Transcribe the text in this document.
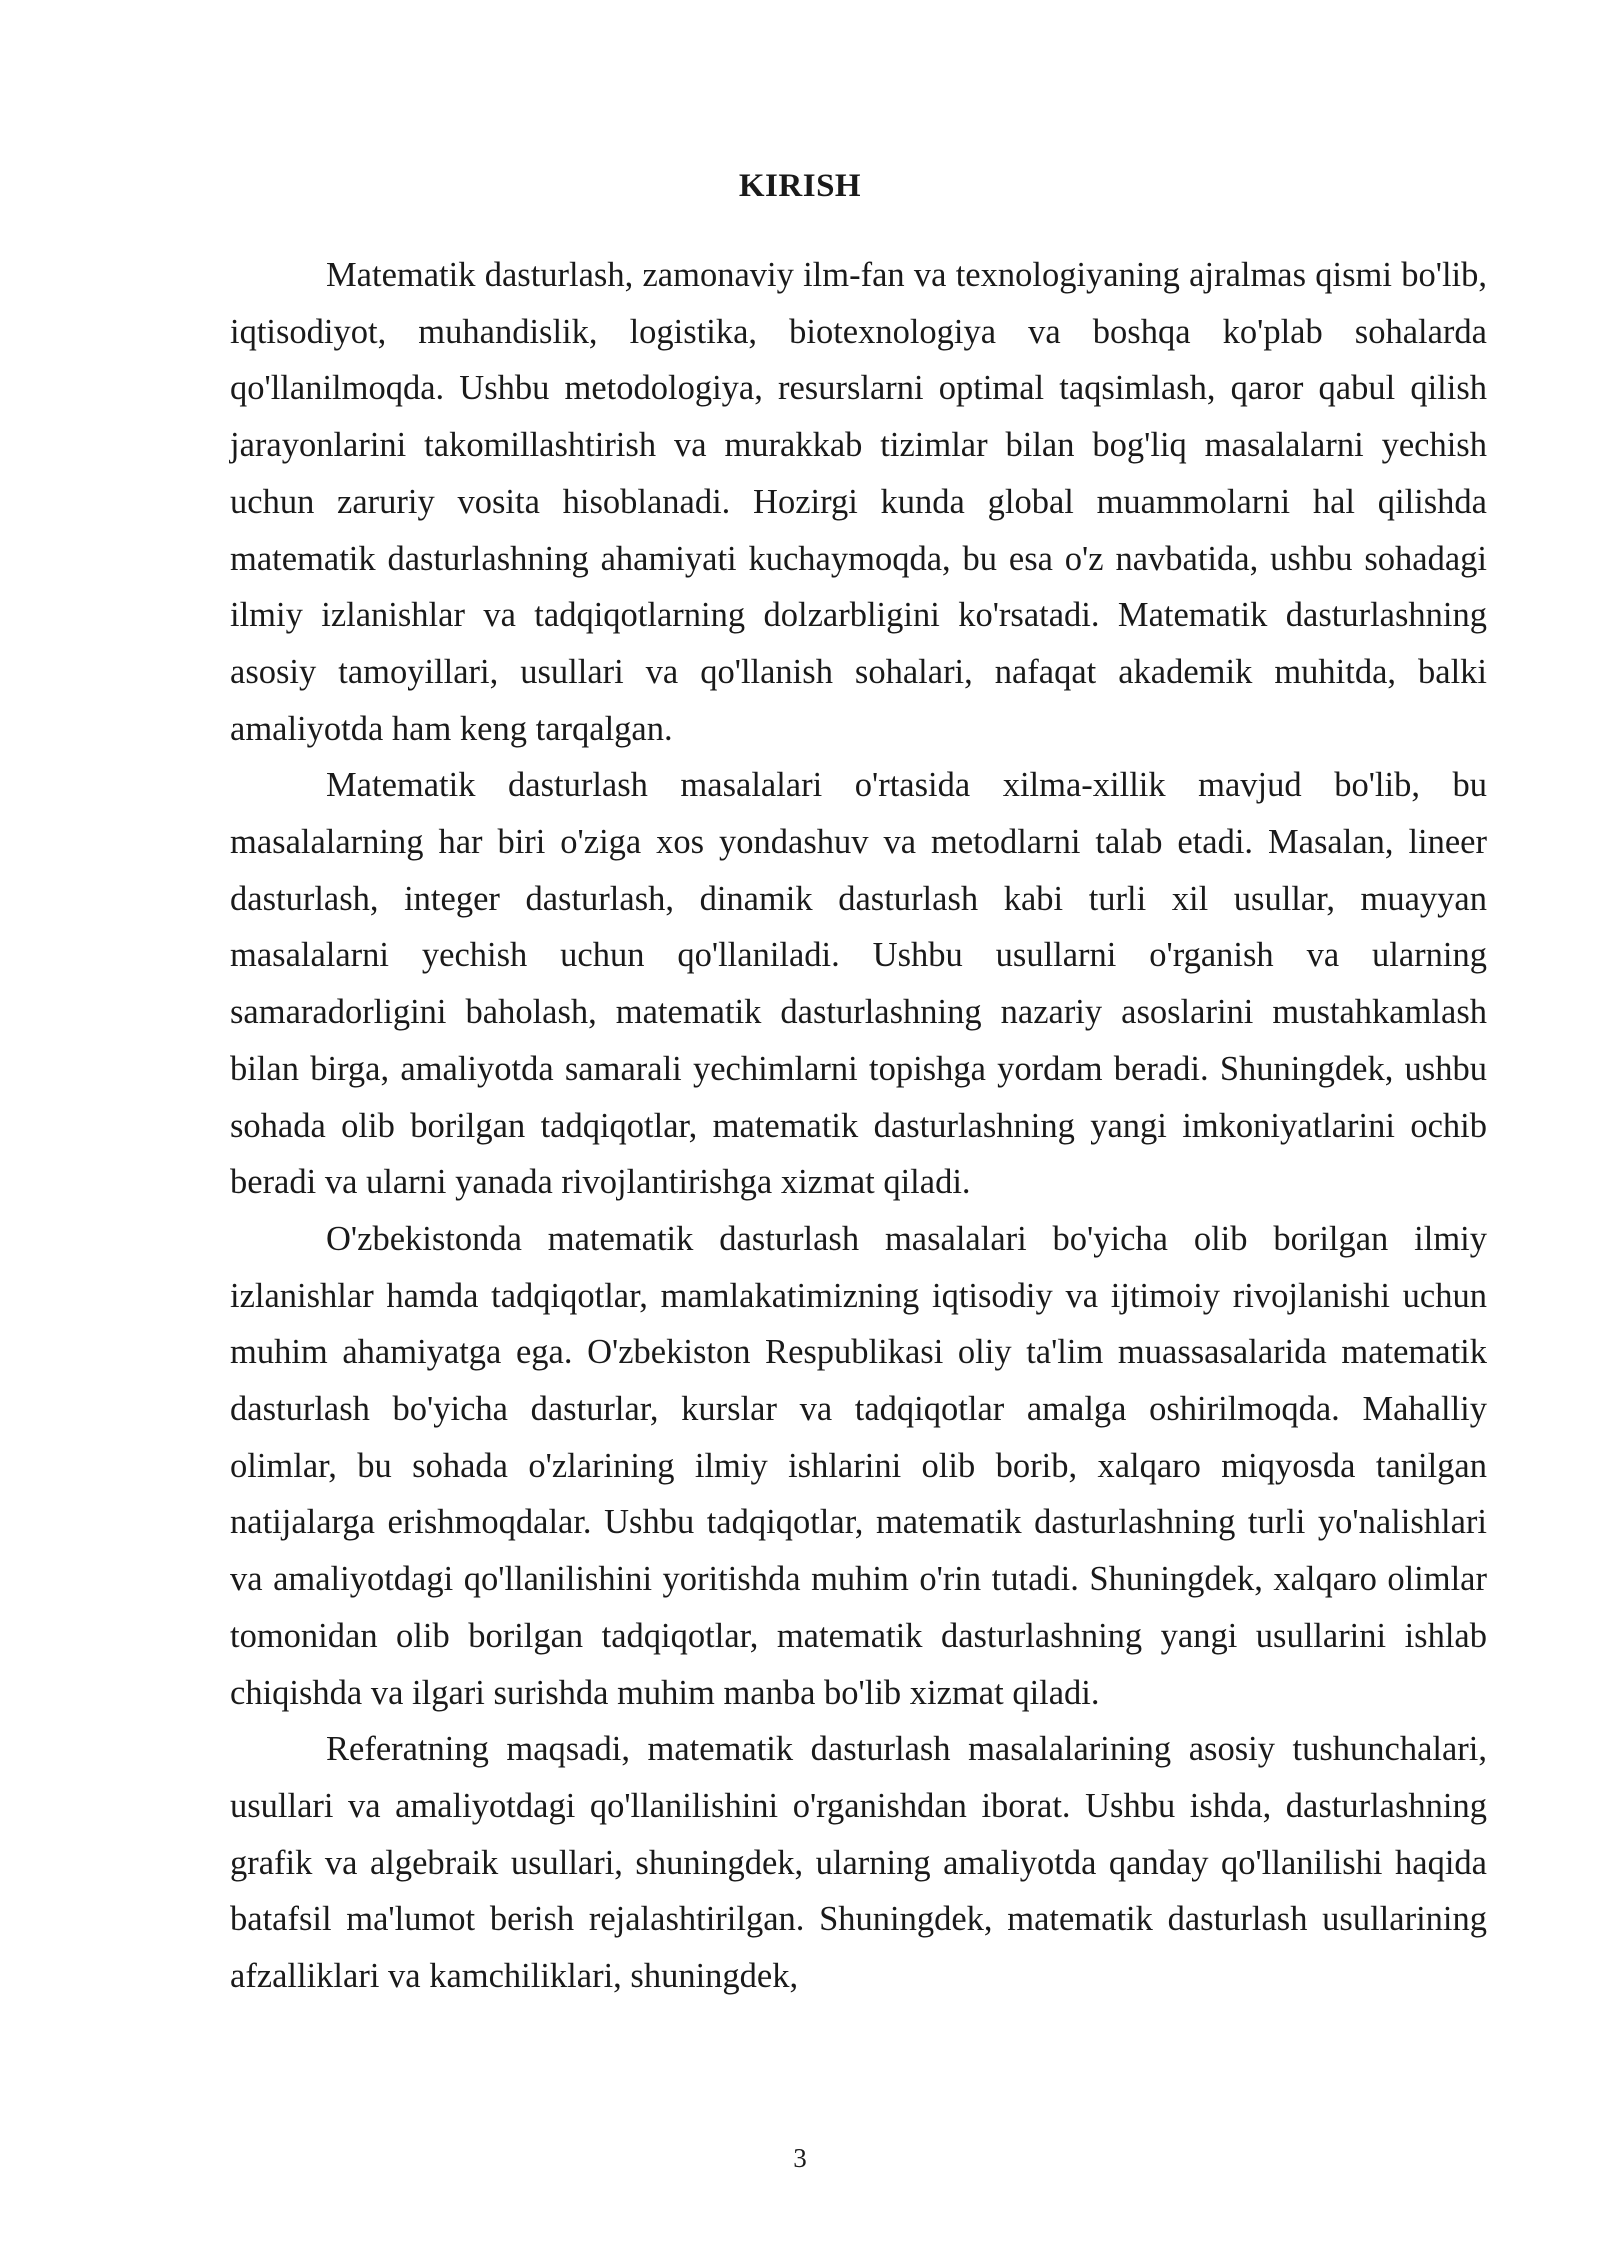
KIRISH

Matematik dasturlash, zamonaviy ilm-fan va texnologiyaning ajralmas qismi bo'lib, iqtisodiyot, muhandislik, logistika, biotexnologiya va boshqa ko'plab sohalarda qo'llanilmoqda. Ushbu metodologiya, resurslarni optimal taqsimlash, qaror qabul qilish jarayonlarini takomillashtirish va murakkab tizimlar bilan bog'liq masalalarni yechish uchun zaruriy vosita hisoblanadi. Hozirgi kunda global muammolarni hal qilishda matematik dasturlashning ahamiyati kuchaymoqda, bu esa o'z navbatida, ushbu sohadagi ilmiy izlanishlar va tadqiqotlarning dolzarbligini ko'rsatadi. Matematik dasturlashning asosiy tamoyillari, usullari va qo'llanish sohalari, nafaqat akademik muhitda, balki amaliyotda ham keng tarqalgan.

Matematik dasturlash masalalari o'rtasida xilma-xillik mavjud bo'lib, bu masalalarning har biri o'ziga xos yondashuv va metodlarni talab etadi. Masalan, lineer dasturlash, integer dasturlash, dinamik dasturlash kabi turli xil usullar, muayyan masalalarni yechish uchun qo'llaniladi. Ushbu usullarni o'rganish va ularning samaradorligini baholash, matematik dasturlashning nazariy asoslarini mustahkamlash bilan birga, amaliyotda samarali yechimlarni topishga yordam beradi. Shuningdek, ushbu sohada olib borilgan tadqiqotlar, matematik dasturlashning yangi imkoniyatlarini ochib beradi va ularni yanada rivojlantirishga xizmat qiladi.

O'zbekistonda matematik dasturlash masalalari bo'yicha olib borilgan ilmiy izlanishlar hamda tadqiqotlar, mamlakatimizning iqtisodiy va ijtimoiy rivojlanishi uchun muhim ahamiyatga ega. O'zbekiston Respublikasi oliy ta'lim muassasalarida matematik dasturlash bo'yicha dasturlar, kurslar va tadqiqotlar amalga oshirilmoqda. Mahalliy olimlar, bu sohada o'zlarining ilmiy ishlarini olib borib, xalqaro miqyosda tanilgan natijalarga erishmoqdalar. Ushbu tadqiqotlar, matematik dasturlashning turli yo'nalishlari va amaliyotdagi qo'llanilishini yoritishda muhim o'rin tutadi. Shuningdek, xalqaro olimlar tomonidan olib borilgan tadqiqotlar, matematik dasturlashning yangi usullarini ishlab chiqishda va ilgari surishda muhim manba bo'lib xizmat qiladi.

Referatning maqsadi, matematik dasturlash masalalarining asosiy tushunchalari, usullari va amaliyotdagi qo'llanilishini o'rganishdan iborat. Ushbu ishda, dasturlashning grafik va algebraik usullari, shuningdek, ularning amaliyotda qanday qo'llanilishi haqida batafsil ma'lumot berish rejalashtirilgan. Shuningdek, matematik dasturlash usullarining afzalliklari va kamchiliklari, shuningdek,

3
